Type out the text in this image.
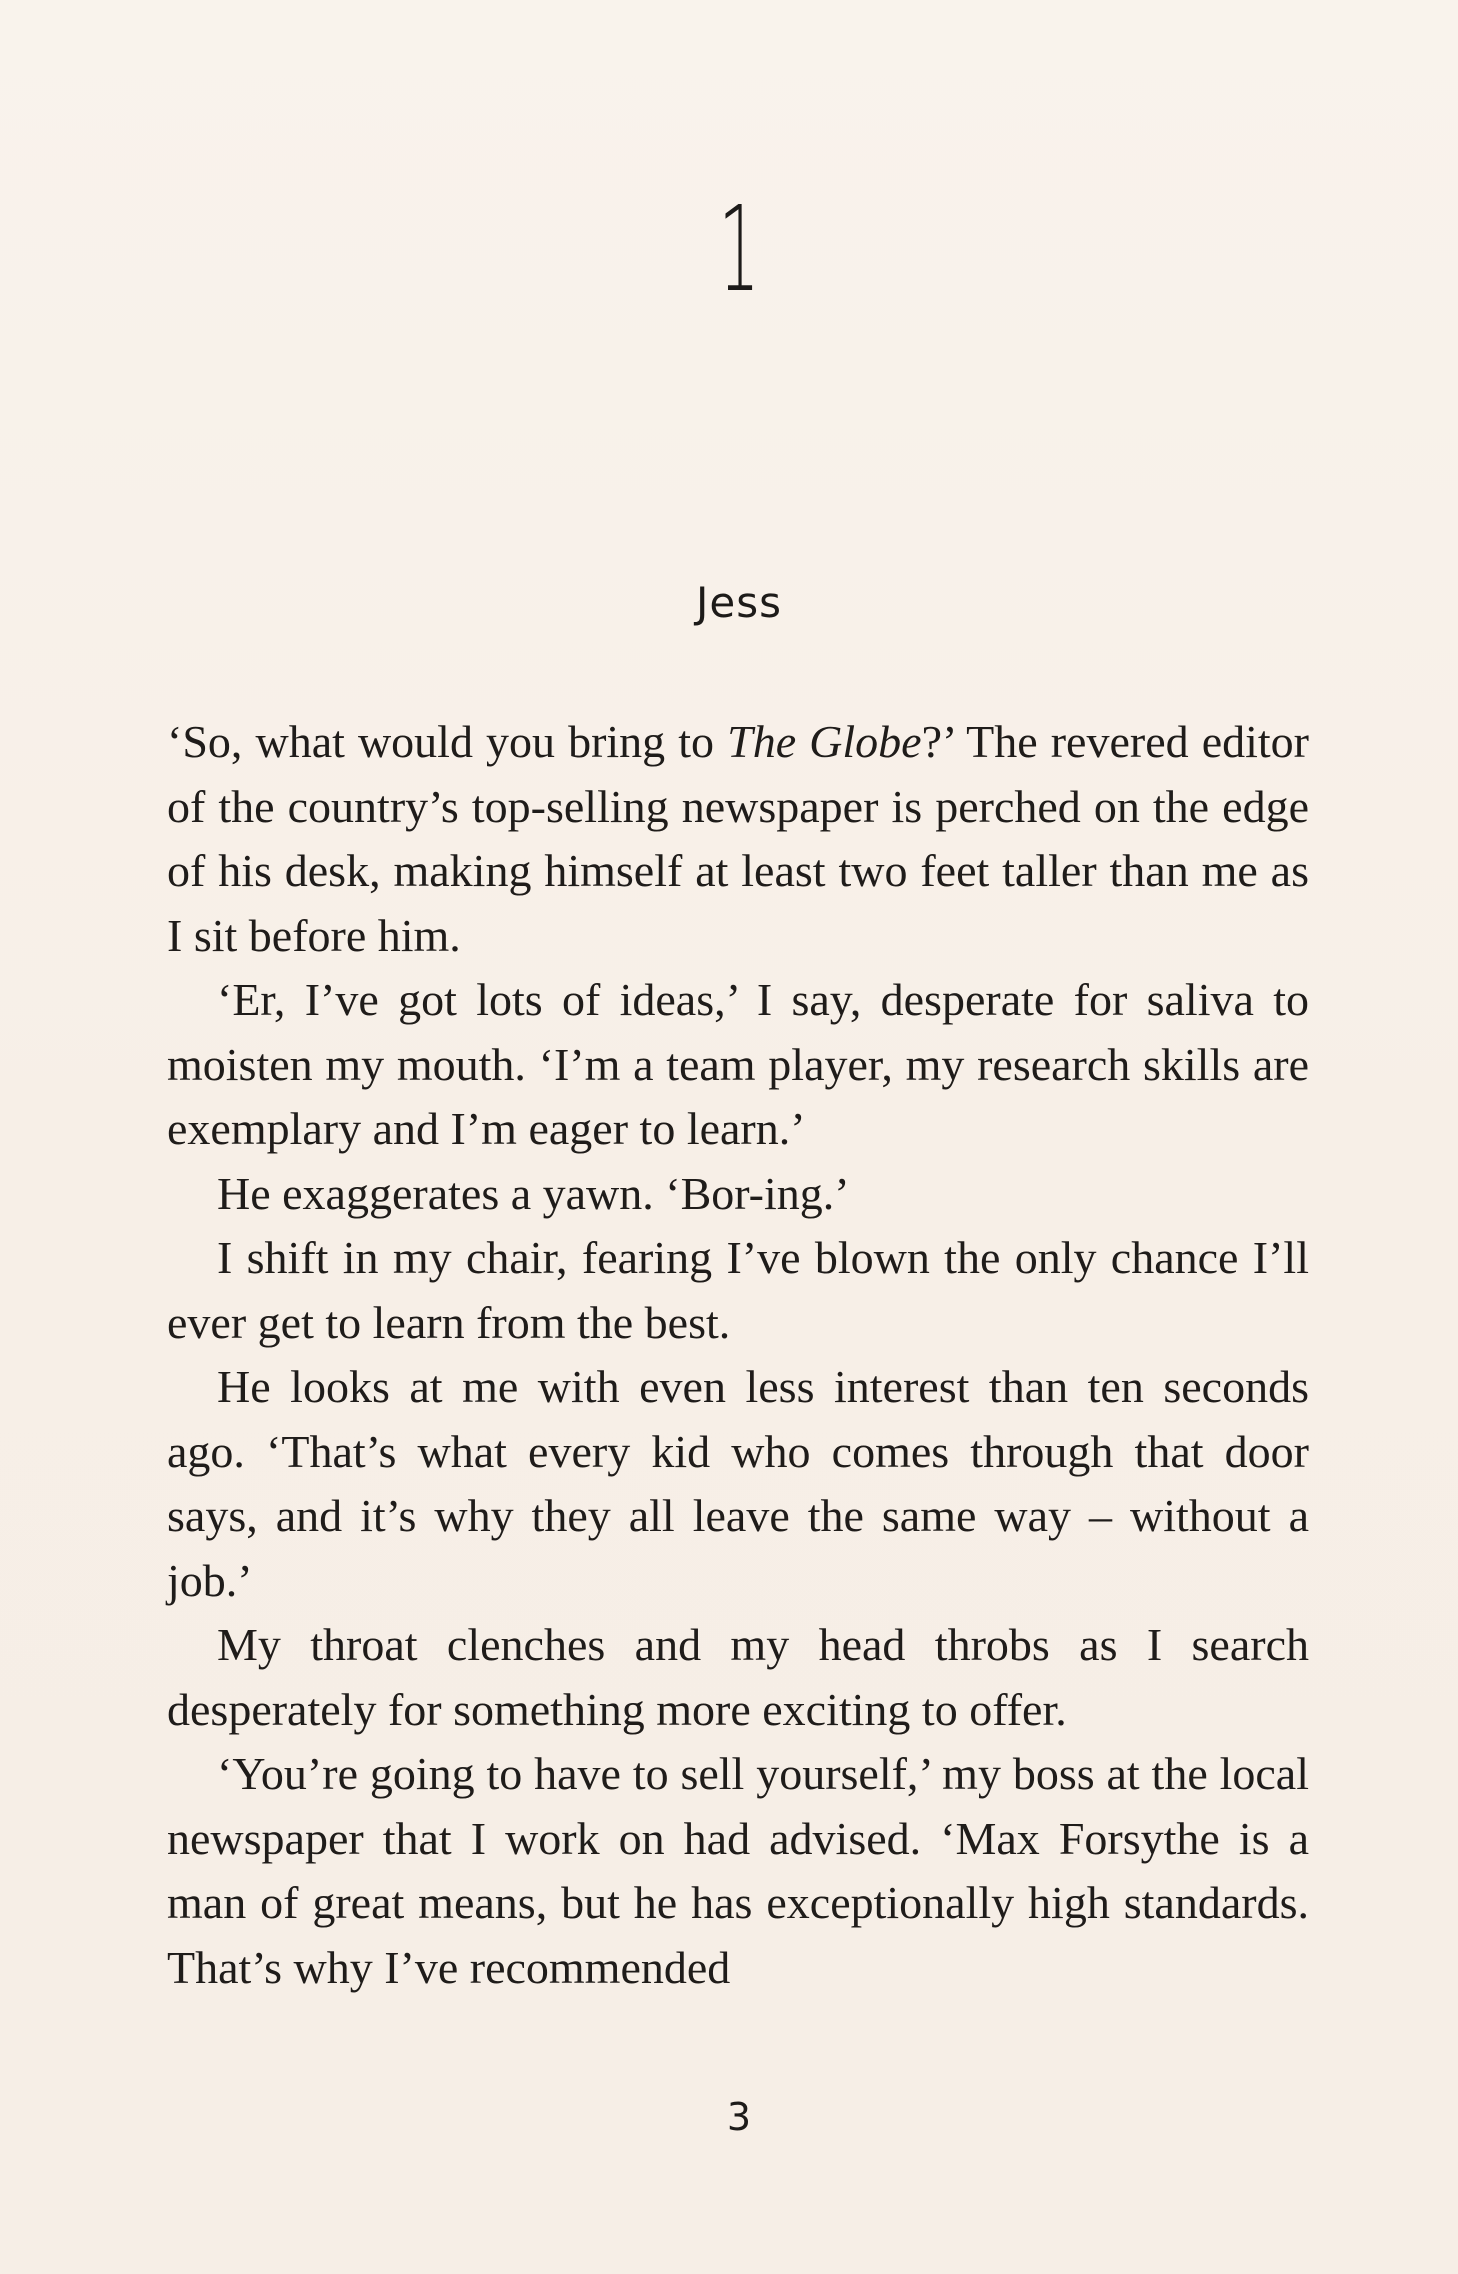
1
Jess

‘So, what would you bring to The Globe?’ The revered editor of the country’s top-selling newspaper is perched on the edge of his desk, making himself at least two feet taller than me as I sit before him.

‘Er, I’ve got lots of ideas,’ I say, desperate for saliva to moisten my mouth. ‘I’m a team player, my research skills are exemplary and I’m eager to learn.’

He exaggerates a yawn. ‘Bor-ing.’

I shift in my chair, fearing I’ve blown the only chance I’ll ever get to learn from the best.

He looks at me with even less interest than ten seconds ago. ‘That’s what every kid who comes through that door says, and it’s why they all leave the same way – without a job.’

My throat clenches and my head throbs as I search desperately for something more exciting to offer.

‘You’re going to have to sell yourself,’ my boss at the local newspaper that I work on had advised. ‘Max Forsythe is a man of great means, but he has exceptionally high standards. That’s why I’ve recommended

3
